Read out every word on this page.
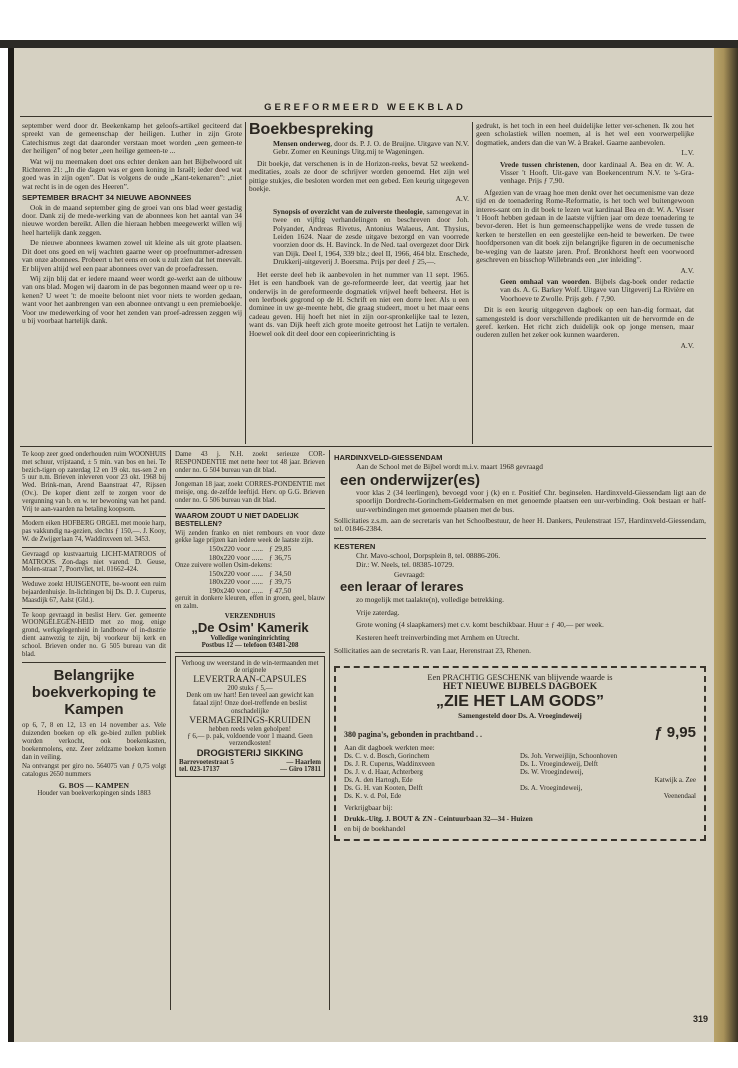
GEREFORMEERD WEEKBLAD

september werd door dr. Beekenkamp het geloofs-artikel geciteerd dat spreekt van de gemeenschap der heiligen. Luther in zijn Grote Catechismus zegt dat daaronder verstaan moet worden „een gemeen-te der heiligen” of nog beter „een heilige gemeen-te ...

Wat wij nu meemaken doet ons echter denken aan het Bijbelwoord uit Richteren 21: „In die dagen was er geen koning in Israël; ieder deed wat goed was in zijn ogen”. Dat is volgens de oude „Kant-tekenaren”: „niet wat recht is in de ogen des Heeren”.

SEPTEMBER BRACHT 34 NIEUWE ABONNEES

Ook in de maand september ging de groei van ons blad weer gestadig door. Dank zij de mede-werking van de abonnees kon het aantal van 34 nieuwe worden bereikt. Allen die hieraan hebben meegewerkt willen wij heel hartelijk dank zeggen.

De nieuwe abonnees kwamen zowel uit kleine als uit grote plaatsen. Dit doet ons goed en wij wachten gaarne weer op proefnummer-adressen van onze abonnees. Probeert u het eens en ook u zult zien dat het meevalt. Er blijven altijd wel een paar abonnees over van de proefadressen.

Wij zijn blij dat er iedere maand weer wordt ge-werkt aan de uitbouw van ons blad. Mogen wij daarom in de pas begonnen maand weer op u re-kenen? U weet 't: de moeite beloont niet voor niets te worden gedaan, want voor het aanbrengen van een abonnee ontvangt u een premieboekje. Voor uw medewerking of voor het zenden van proef-adressen zeggen wij u bij voorbaat hartelijk dank.

Boekbespreking

Mensen onderweg, door ds. P. J. O. de Bruijne. Uitgave van N.V. Gebr. Zomer en Keunings Uitg.mij te Wageningen.

Dit boekje, dat verschenen is in de Horizon-reeks, bevat 52 weekend-meditaties, zoals ze door de schrijver worden genoemd. Het zijn wel pittige stukjes, die besloten worden met een gebed. Een keurig uitgegeven boekje.

A.V.

Synopsis of overzicht van de zuiverste theologie, samengevat in twee en vijftig verhandelingen en beschreven door Joh. Polyander, Andreas Rivetus, Antonius Walaeus, Ant. Thysius, Leiden 1624. Naar de zesde uitgave bezorgd en van voorrede voorzien door ds. H. Bavinck. In de Ned. taal overgezet door Dirk van Dijk. Deel I, 1964, 339 blz.; deel II, 1966, 464 blz. Enschede, Drukkerij-uitgeverij J. Boersma. Prijs per deel ƒ 25,—.

Het eerste deel heb ik aanbevolen in het nummer van 11 sept. 1965. Het is een handboek van de ge-reformeerde leer, dat veertig jaar het onderwijs in de gereformeerde dogmatiek vrijwel heeft beheerst. Het is een leerboek gegrond op de H. Schrift en niet een dorre leer. Als u een dominee in uw ge-meente hebt, die graag studeert, moet u het maar eens cadeau geven. Hij hoeft het niet in zijn oor-spronkelijke taal te lezen, want ds. van Dijk heeft zich grote moeite getroost het Latijn te vertalen. Hoewel ook dit deel door een copieerinrichting is

gedrukt, is het toch in een heel duidelijke letter ver-schenen. Ik zou het geen scholastiek willen noemen, al is het wel een voorwerpelijke dogmatiek, anders dan die van W. à Brakel. Gaarne aanbevolen.

L.V.

Vrede tussen christenen, door kardinaal A. Bea en dr. W. A. Visser 't Hooft. Uit-gave van Boekencentrum N.V. te 's-Gra-venhage. Prijs ƒ 7,90.

Afgezien van de vraag hoe men denkt over het oecumenisme van deze tijd en de toenadering Rome-Reformatie, is het toch wel buitengewoon interes-sant om in dit boek te lezen wat kardinaal Bea en dr. W. A. Visser 't Hooft hebben gedaan in de laatste vijftien jaar om deze toenadering te bevor-deren. Het is hun gemeenschappelijke wens de vrede tussen de kerken te herstellen en een geestelijke een-heid te bewerken. De twee hoofdpersonen van dit boek zijn belangrijke figuren in de oecumenische be-weging van de laatste jaren. Prof. Bronkhorst heeft een voorwoord geschreven en bisschop Willebrands een „ter inleiding”.

A.V.

Geen omhaal van woorden. Bijbels dag-boek onder redactie van ds. A. G. Barkey Wolf. Uitgave van Uitgeverij La Rivière en Voorhoeve te Zwolle. Prijs geb. ƒ 7,90.

Dit is een keurig uitgegeven dagboek op een han-dig formaat, dat samengesteld is door verschillende predikanten uit de hervormde en de geref. kerken. Het richt zich duidelijk ook op jonge mensen, maar ouderen zullen het zeker ook kunnen waarderen.

A.V.
Te koop zeer goed onderhouden ruim WOONHUIS met schuur, vrijstaand, ± 5 min. van bos en hei. Te bezich-tigen op zaterdag 12 en 19 okt. tus-sen 2 en 5 uur n.m. Brieven inleveren voor 23 okt. 1968 bij Wed. Brink-man, Arend Baanstraat 47, Rijssen (Ov.). De koper dient zelf te zorgen voor de vergunning van b. en w. ter bewoning van het pand. Vrij te aan-vaarden na betaling koopsom.
Modern eiken HOFBERG ORGEL met mooie harp, pas vakkundig na-gezien, slechts ƒ 150,—. J. Kooy, W. de Zwijgerlaan 74, Waddinxveen tel. 3453.
Gevraagd op kustvaartuig LICHT-MATROOS of MATROOS. Zon-dags niet varend. D. Geuse, Molen-straat 7, Poortvliet, tel. 01662-424.
Weduwe zoekt HUISGENOTE, be-woont een ruim bejaardenhuisje. In-lichtingen bij Ds. D. J. Cuperus, Maasdijk 67, Aalst (Gld.).
Te koop gevraagd in beslist Herv. Ger. gemeente WOONGELEGEN-HEID met zo mog. enige grond, werkgelegenheid in landbouw of in-dustrie dient aanwezig te zijn, bij voorkeur bij kerk en school. Brieven onder no. G 505 bureau van dit blad.
Belangrijke boekverkoping te Kampen
op 6, 7, 8 en 12, 13 en 14 november a.s. Vele duizenden boeken op elk ge-bied zullen publiek worden verkocht, ook boekenkasten, boekenmolens, enz. Zeer zeldzame boeken komen dan in veiling.
Na ontvangst per giro no. 564075 van ƒ 0,75 volgt catalogus 2650 nummers
G. BOS — KAMPEN
Houder van boekverkopingen sinds 1883
Dame 43 j. N.H. zoekt serieuze COR-RESPONDENTIE met nette heer tot 48 jaar. Brieven onder no. G 504 bureau van dit blad.
Jongeman 18 jaar, zoekt CORRES-PONDENTIE met meisje, ong. de-zelfde leeftijd. Herv. op G.G. Brieven onder no. G 506 bureau van dit blad.
WAAROM ZOUDT U NIET DADELIJK BESTELLEN?
Wij zenden franko en niet rembours en voor deze gekke lage prijzen kan iedere week de laatste zijn.
150x220 voor ......	ƒ 29,85
180x220 voor ......	ƒ 36,75
Onze zuivere wollen Osim-dekens:
150x220 voor ......	ƒ 34,50
180x220 voor ......	ƒ 39,75
190x240 voor ......	ƒ 47,50
geruit in donkere kleuren, effen in groen, geel, blauw en zalm.
VERZENDHUIS
„De Osim' Kamerik
Volledige woninginrichting
Postbus 12 — telefoon 03481-208
Verhoog uw weerstand in de win-termaanden met de originele
LEVERTRAAN-CAPSULES
200 stuks ƒ 5,—
Denk om uw hart! Een teveel aan gewicht kan fataal zijn! Onze doel-treffende en beslist onschadelijke
VERMAGERINGS-KRUIDEN
hebben reeds velen geholpen!
ƒ 6,— p. pak, voldoende voor 1 maand. Geen verzendkosten!
DROGISTERIJ SIKKING
Barrevoetestraat 5	— Haarlem
tel. 023-17137	— Giro 17811
HARDINXVELD-GIESSENDAM
Aan de School met de Bijbel wordt m.i.v. maart 1968 gevraagd
een onderwijzer(es)
voor klas 2 (34 leerlingen), bevoegd voor j (k) en r. Positief Chr. beginselen. Hardinxveld-Giessendam ligt aan de spoorlijn Dordrecht-Gorinchem-Geldermalsen en met genoemde plaatsen een uur-verbinding. Ook bestaan er half-uur-verbindingen met genoemde plaatsen met de bus.
Sollicitaties z.s.m. aan de secretaris van het Schoolbestuur, de heer H. Dankers, Peulenstraat 157, Hardinxveld-Giessendam, tel. 01846-2384.
KESTEREN
Chr. Mavo-school, Dorpsplein 8, tel. 08886-206.
Dir.: W. Neels, tel. 08385-10729.
Gevraagd:
een leraar of lerares
zo mogelijk met taalakte(n), volledige betrekking.
Vrije zaterdag.
Grote woning (4 slaapkamers) met c.v. komt beschikbaar. Huur ± ƒ 40,— per week.
Kesteren heeft treinverbinding met Arnhem en Utrecht.
Sollicitaties aan de secretaris R. van Laar, Herenstraat 23, Rhenen.
Een PRACHTIG GESCHENK van blijvende waarde is
HET NIEUWE BIJBELS DAGBOEK
„ZIE HET LAM GODS”
Samengesteld door Ds. A. Vroegindeweij
380 pagina's, gebonden in prachtband . .	ƒ 9,95
Aan dit dagboek werkten mee:
Ds. C. v. d. Bosch, Gorinchem
Ds. J. R. Cuperus, Waddinxveen
Ds. J. v. d. Haar, Achterberg
Ds. A. den Hartogh, Ede
Ds. G. H. van Kooten, Delft
Ds. K. v. d. Pol, Ede
Ds. Joh. Verweijlijn, Schoonhoven
Ds. L. Vroegindeweij, Delft
Ds. W. Vroegindeweij,
Katwijk a. Zee
Ds. A. Vroegindeweij,
Veenendaal
Verkrijgbaar bij:
Drukk.-Uitg. J. BOUT & ZN - Ceintuurbaan 32—34 - Huizen
en bij de boekhandel
319
